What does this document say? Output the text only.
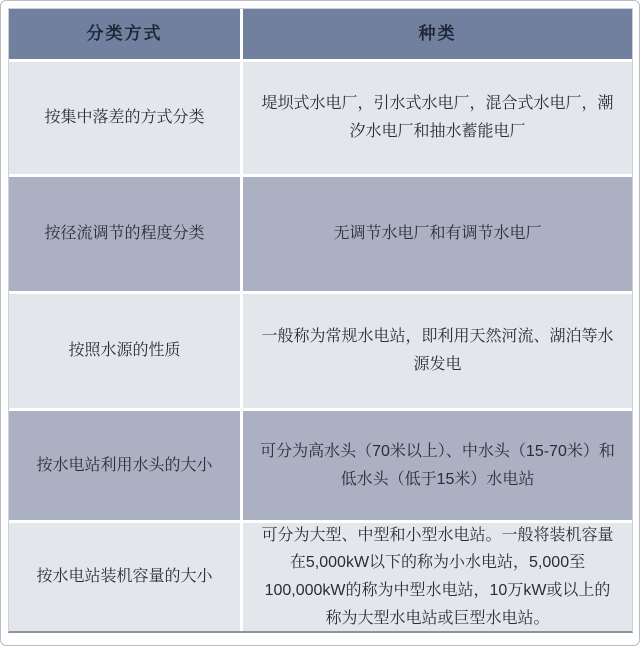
分类方式	种类
按集中落差的方式分类
堤坝式水电厂，引水式水电厂，混合式水电厂，潮汐水电厂和抽水蓄能电厂
按径流调节的程度分类	无调节水电厂和有调节水电厂
按照水源的性质
一般称为常规水电站，即利用天然河流、湖泊等水源发电
按水电站利用水头的大小
可分为高水头（70米以上）、中水头（15-70米）和低水头（低于15米）水电站
按水电站装机容量的大小
可分为大型、中型和小型水电站。一般将装机容量在5,000kW以下的称为小水电站，5,000至100,000kW的称为中型水电站，10万kW或以上的称为大型水电站或巨型水电站。
